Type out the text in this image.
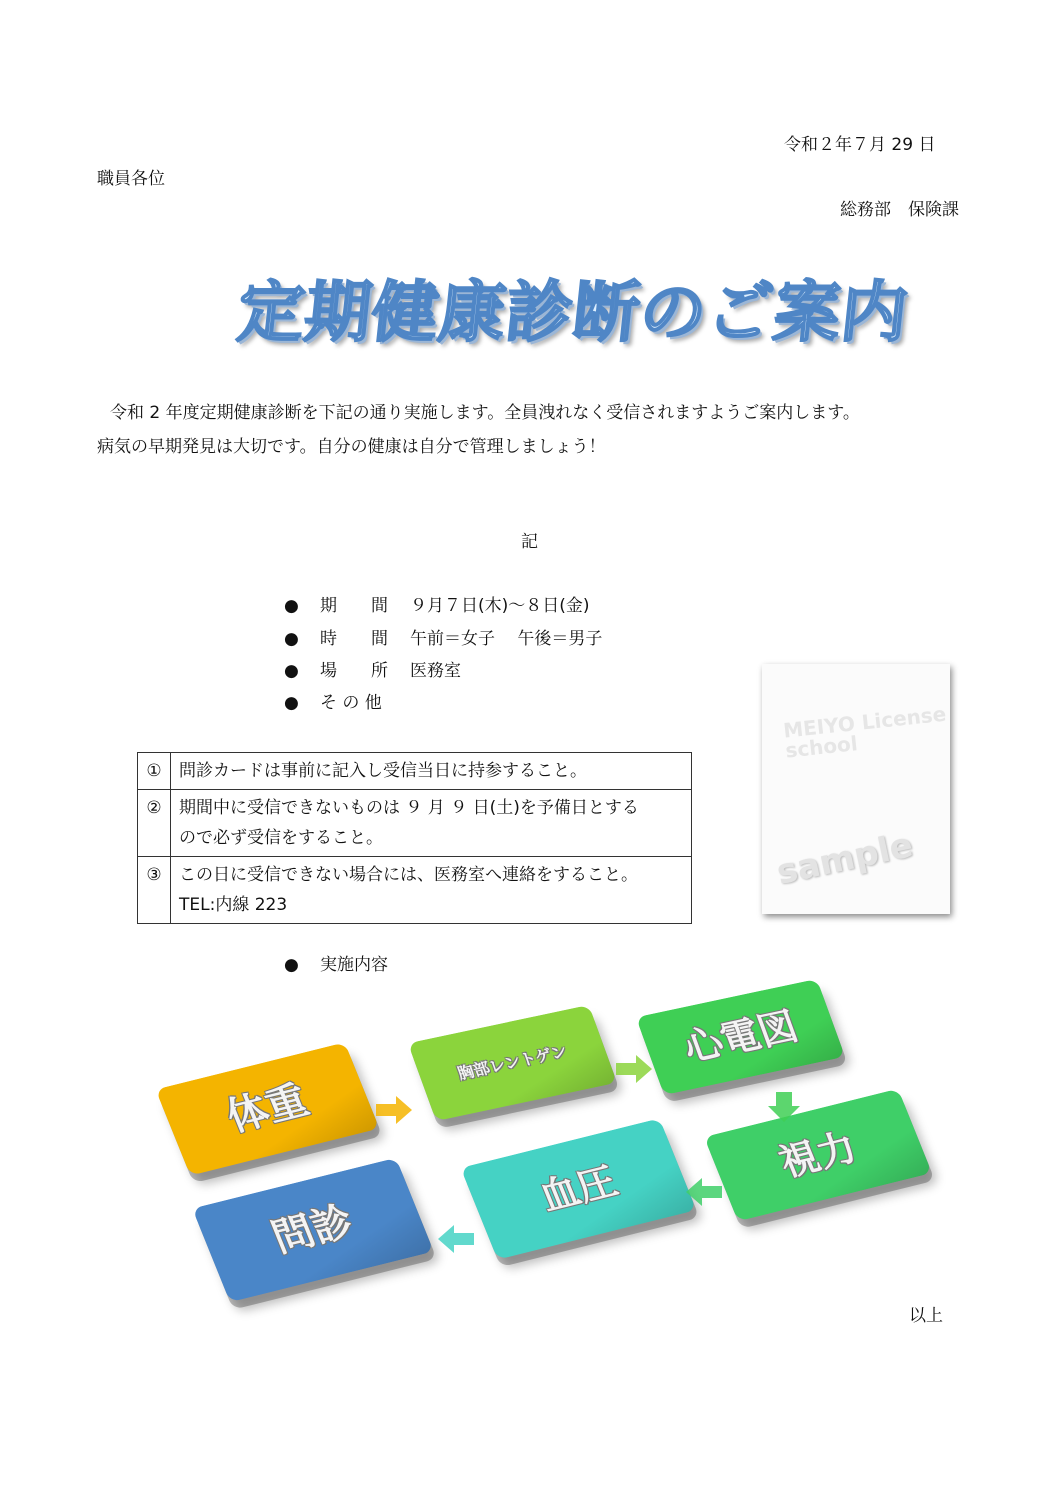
令和２年７月 29 日
職員各位
総務部　保険課
定期健康診断のご案内
令和 2 年度定期健康診断を下記の通り実施します。全員洩れなく受信されますようご案内します。
病気の早期発見は大切です。自分の健康は自分で管理しましょう！
記
● 期　　間 ９月７日(木)～８日(金)
● 時　　間 午前＝女子　 午後＝男子
● 場　　所 医務室
● そ の 他
①	問診カードは事前に記入し受信当日に持参すること。
②	期間中に受信できないものは ９ 月 ９ 日(土)を予備日とする
ので必ず受信をすること。
③	この日に受信できない場合には、医務室へ連絡をすること。
TEL:内線 223
MEIYO License school
sample
● 実施内容
体重
胸部
レントゲン	心電図
視力
血圧
問診
以上
